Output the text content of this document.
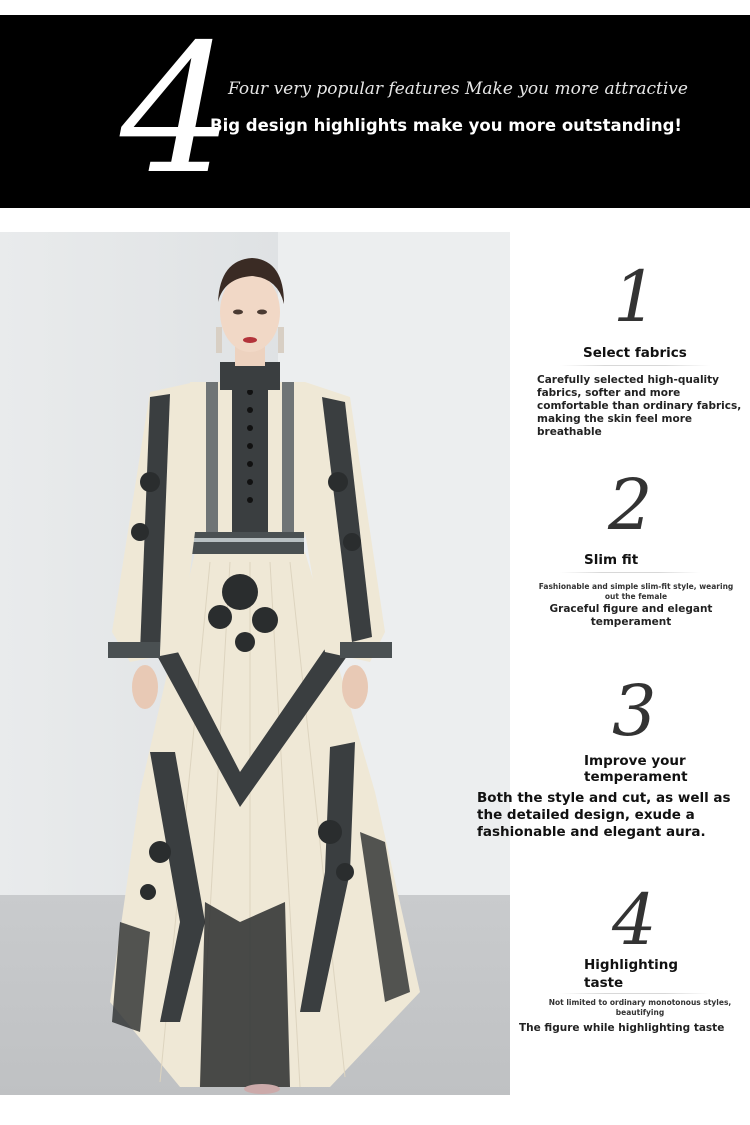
4
Four very popular features Make you more attractive
Big design highlights make you more outstanding!
1
Select fabrics
Carefully selected high-quality fabrics, softer and more comfortable than ordinary fabrics, making the skin feel more breathable
2
Slim fit
Fashionable and simple slim-fit style, wearing out the female
Graceful figure and elegant temperament
3
Improve your
temperament
Both the style and cut, as well as the detailed design, exude a fashionable and elegant aura.
4
Highlighting
taste
Not limited to ordinary monotonous styles, beautifying
The figure while highlighting taste
